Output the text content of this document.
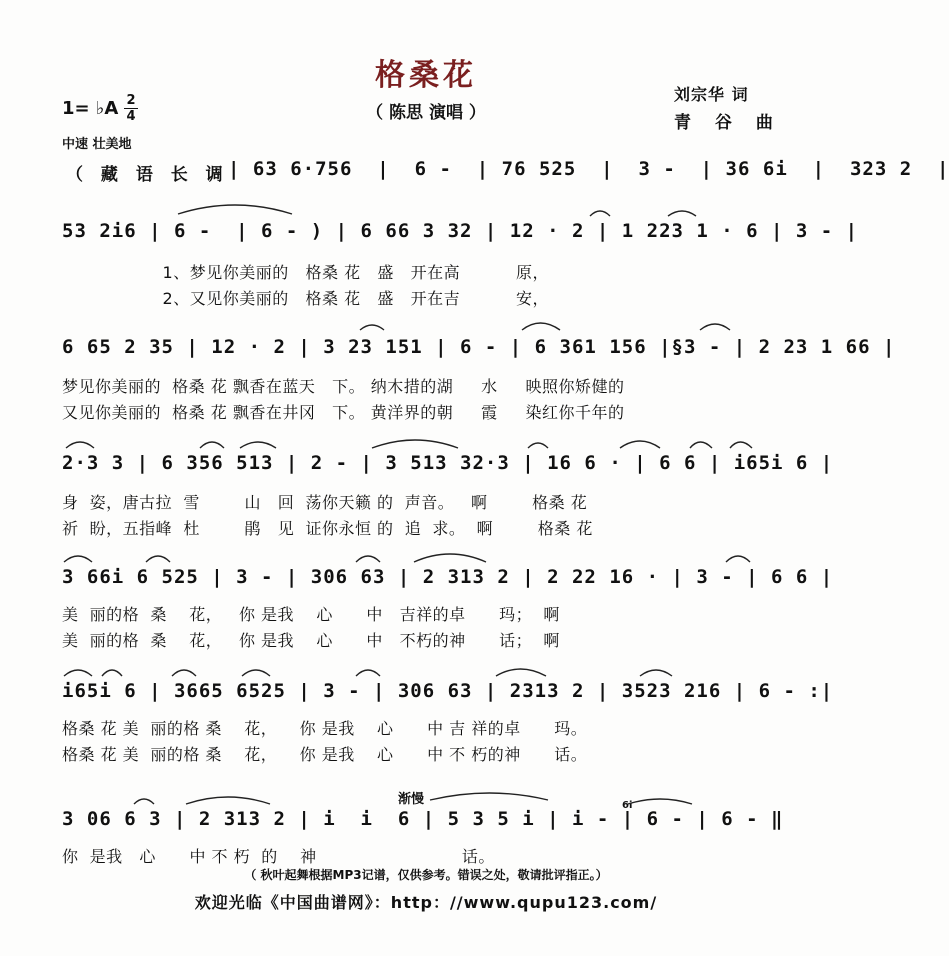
格桑花
（ 陈思 演唱 ）
刘宗华 词
青 谷 曲
1= ♭A 2
4
中速 壮美地
（ 藏 语 长 调 | 63 6·756  |  6 -  | 76 525  |  3 -  | 36 6i  |  323 2  |
53 2i6 | 6 -  | 6 - ) | 6 66 3 32 | 12 · 2 | 1 223 1 · 6 | 3 - |
1、梦见你美丽的   格桑 花   盛   开在高          原，
2、又见你美丽的   格桑 花   盛   开在吉          安，
6 65 2 35 | 12 · 2 | 3 23 151 | 6 - | 6 361 156 |§3 - | 2 23 1 66 |
梦见你美丽的  格桑 花 飘香在蓝天   下。 纳木措的湖     水     映照你矫健的
又见你美丽的  格桑 花 飘香在井冈   下。 黄洋界的朝     霞     染红你千年的
2·3 3 | 6 356 513 | 2 - | 3 513 32·3 | 16 6 · | 6 6 | i65i 6 |
身  姿，唐古拉  雪        山   回  荡你天籁 的  声音。   啊        格桑 花
祈  盼，五指峰  杜        鹃   见  证你永恒 的  追  求。  啊        格桑 花
3 66i 6 525 | 3 - | 306 63 | 2 313 2 | 2 22 16 · | 3 - | 6 6 |
美  丽的格  桑    花，   你 是我    心      中   吉祥的卓      玛；  啊
美  丽的格  桑    花，   你 是我    心      中   不朽的神      话；  啊
i65i 6 | 3665 6525 | 3 - | 306 63 | 2313 2 | 3523 216 | 6 - :|
格桑 花 美  丽的格 桑    花，    你 是我    心      中 吉 祥的卓      玛。
格桑 花 美  丽的格 桑    花，    你 是我    心      中 不 朽的神      话。
渐慢	6i
3 06 6 3 | 2 313 2 | i  i  6 | 5 3 5 i | i - | 6 - | 6 - ‖
你  是我   心      中 不 朽  的    神                          话。
（ 秋叶起舞根据MP3记谱，仅供参考。错误之处，敬请批评指正。）
欢迎光临《中国曲谱网》：http：//www.qupu123.com/
